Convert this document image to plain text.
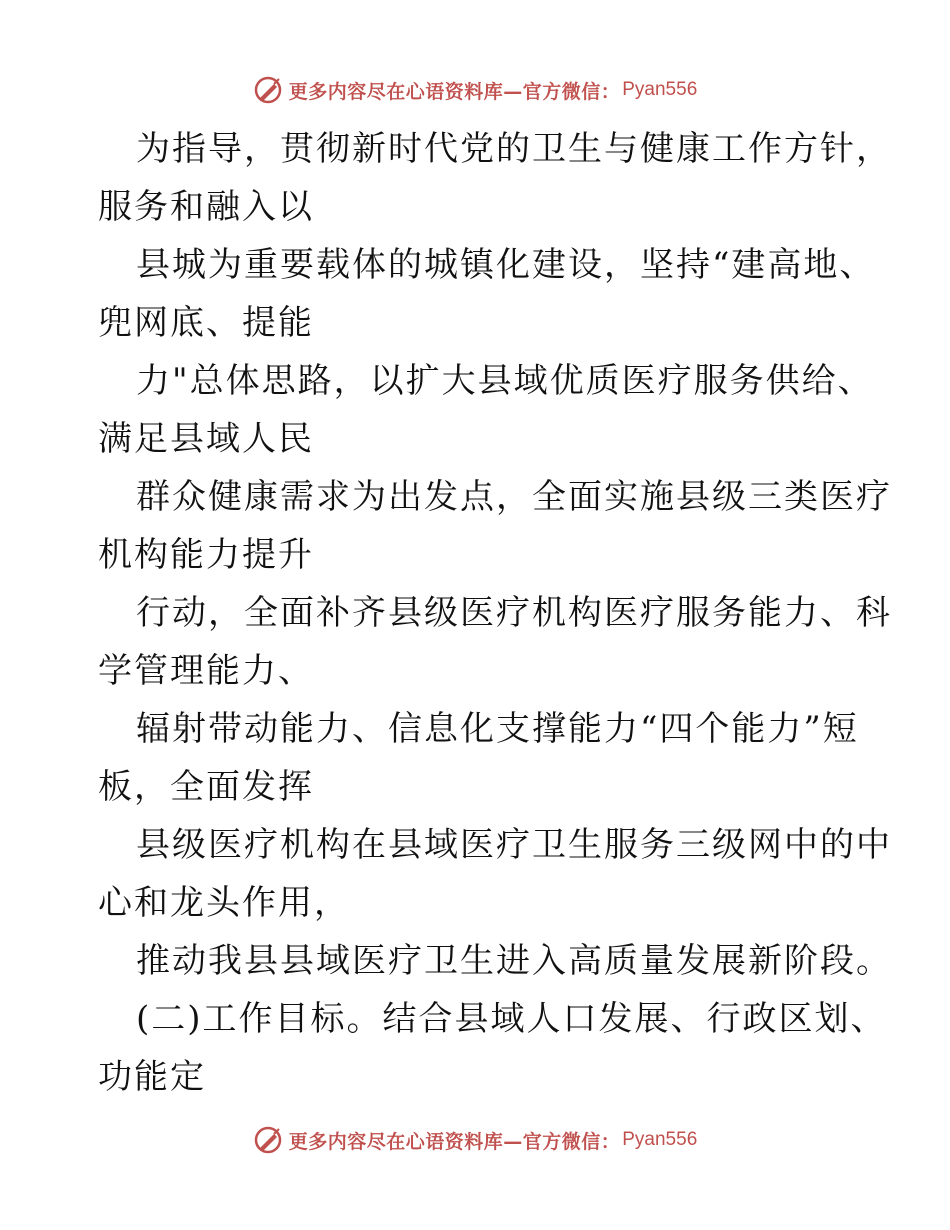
更多内容尽在心语资料库—官方微信： Pyan556
为指导，贯彻新时代党的卫生与健康工作方针，
服务和融入以
县城为重要载体的城镇化建设，坚持“建高地、
兜网底、提能
力"总体思路，以扩大县域优质医疗服务供给、
满足县域人民
群众健康需求为出发点，全面实施县级三类医疗
机构能力提升
行动，全面补齐县级医疗机构医疗服务能力、科
学管理能力、
辐射带动能力、信息化支撑能力“四个能力”短
板，全面发挥
县级医疗机构在县域医疗卫生服务三级网中的中
心和龙头作用，
推动我县县域医疗卫生进入高质量发展新阶段。
(二)工作目标。结合县域人口发展、行政区划、
功能定
更多内容尽在心语资料库—官方微信： Pyan556
